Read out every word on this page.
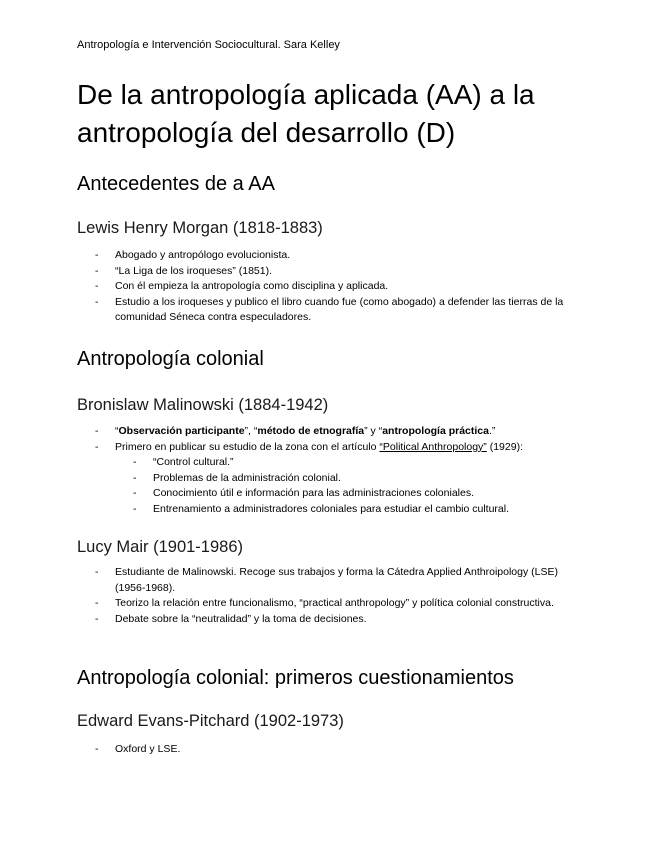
Antropología e Intervención Sociocultural. Sara Kelley
De la antropología aplicada (AA) a la antropología del desarrollo (D)
Antecedentes de a AA
Lewis Henry Morgan (1818-1883)
- Abogado y antropólogo evolucionista.
- “La Liga de los iroqueses” (1851).
- Con él empieza la antropología como disciplina y aplicada.
- Estudio a los iroqueses y publico el libro cuando fue (como abogado) a defender las tierras de la comunidad Séneca contra especuladores.
Antropología colonial
Bronislaw Malinowski (1884-1942)
- “Observación participante”, “método de etnografía” y “antropología práctica.”
- Primero en publicar su estudio de la zona con el artículo “Political Anthropology” (1929):
- “Control cultural.”
- Problemas de la administración colonial.
- Conocimiento útil e información para las administraciones coloniales.
- Entrenamiento a administradores coloniales para estudiar el cambio cultural.
Lucy Mair (1901-1986)
- Estudiante de Malinowski. Recoge sus trabajos y forma la Cátedra Applied Anthroipology (LSE) (1956-1968).
- Teorizo la relación entre funcionalismo, “practical anthropology” y política colonial constructiva.
- Debate sobre la “neutralidad” y la toma de decisiones.
Antropología colonial: primeros cuestionamientos
Edward Evans-Pitchard (1902-1973)
- Oxford y LSE.
